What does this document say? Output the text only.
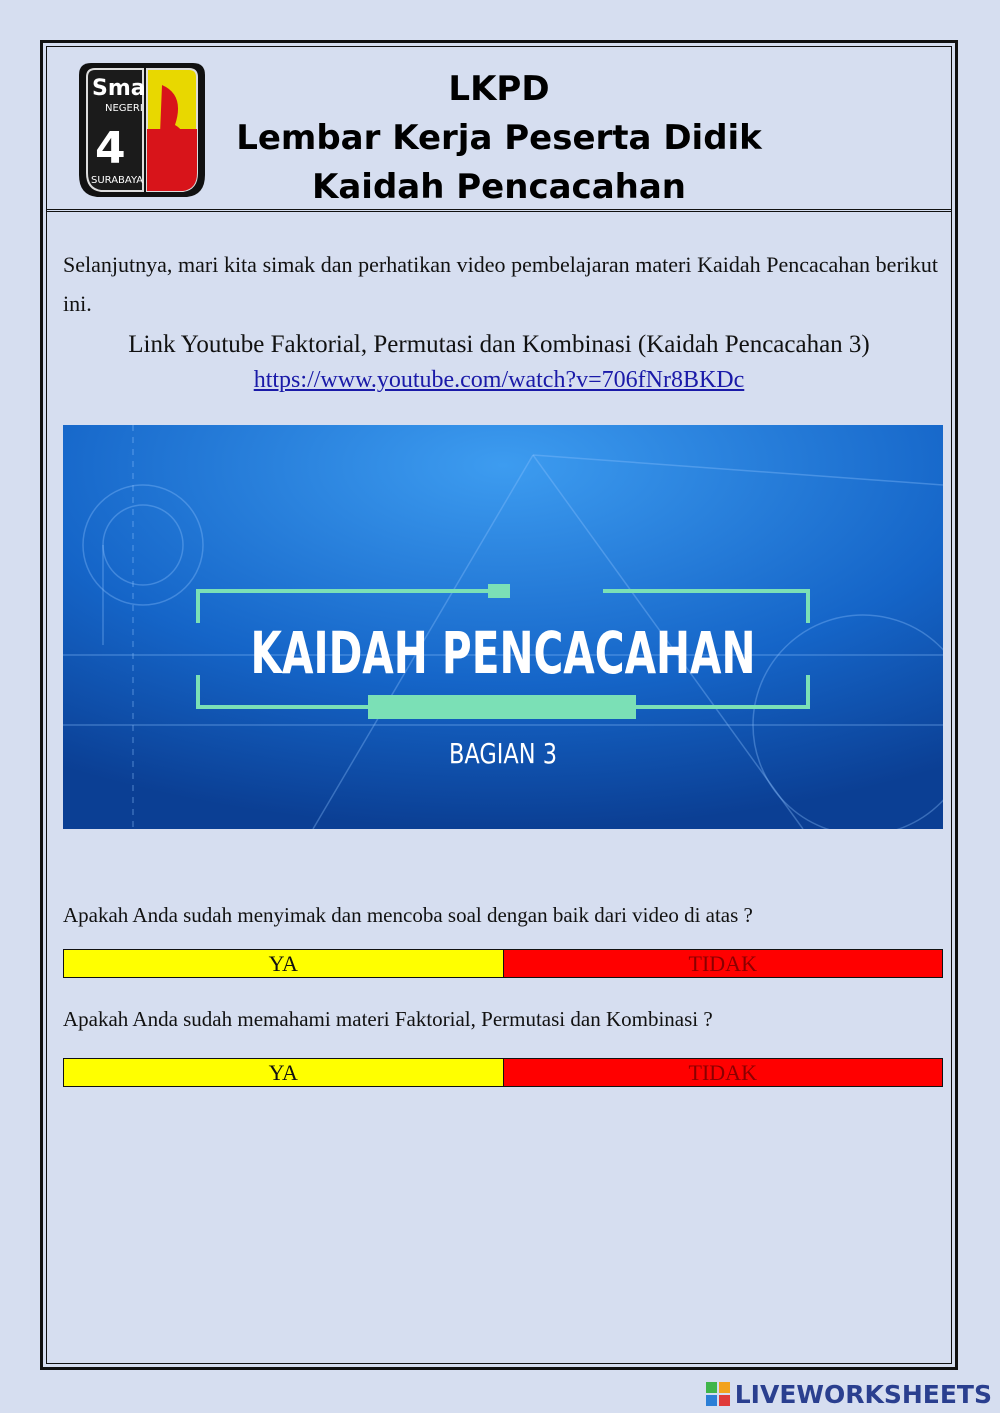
Sma
NEGERI
4
SURABAYA
LKPD
Lembar Kerja Peserta Didik
Kaidah Pencacahan
Selanjutnya, mari kita simak dan perhatikan video pembelajaran materi Kaidah Pencacahan berikut ini.
Link Youtube Faktorial, Permutasi dan Kombinasi (Kaidah Pencacahan 3)
https://www.youtube.com/watch?v=706fNr8BKDc
KAIDAH PENCACAHAN
BAGIAN 3
Apakah Anda sudah menyimak dan mencoba soal dengan baik dari video di atas ?
YA	TIDAK
Apakah Anda sudah memahami materi Faktorial, Permutasi dan Kombinasi ?
YA	TIDAK
LIVEWORKSHEETS
